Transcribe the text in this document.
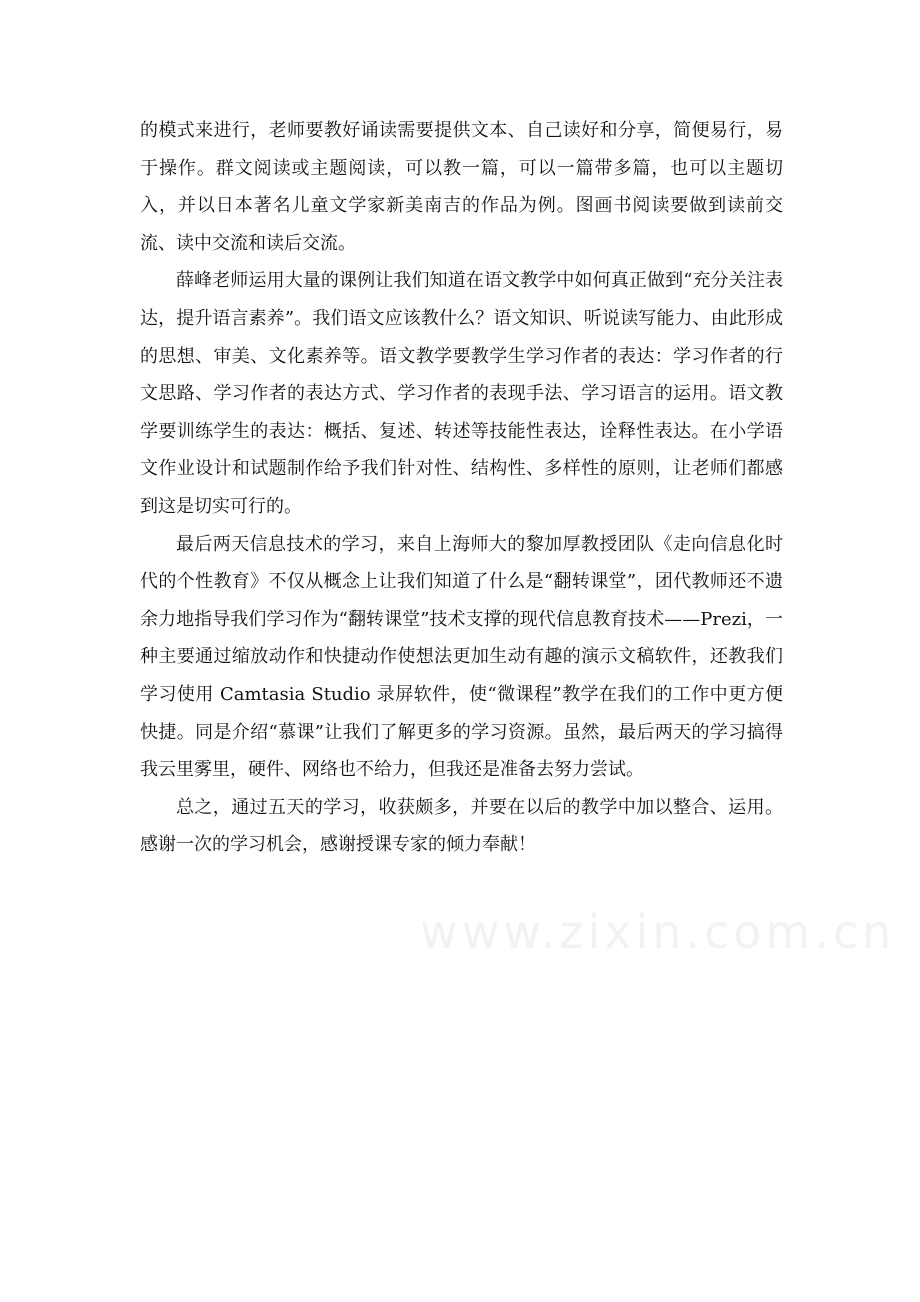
的模式来进行，老师要教好诵读需要提供文本、自己读好和分享，简便易行，易于操作。群文阅读或主题阅读，可以教一篇，可以一篇带多篇，也可以主题切入，并以日本著名儿童文学家新美南吉的作品为例。图画书阅读要做到读前交流、读中交流和读后交流。

薛峰老师运用大量的课例让我们知道在语文教学中如何真正做到“充分关注表达，提升语言素养”。我们语文应该教什么？语文知识、听说读写能力、由此形成的思想、审美、文化素养等。语文教学要教学生学习作者的表达：学习作者的行文思路、学习作者的表达方式、学习作者的表现手法、学习语言的运用。语文教学要训练学生的表达：概括、复述、转述等技能性表达，诠释性表达。在小学语文作业设计和试题制作给予我们针对性、结构性、多样性的原则，让老师们都感到这是切实可行的。

最后两天信息技术的学习，来自上海师大的黎加厚教授团队《走向信息化时代的个性教育》不仅从概念上让我们知道了什么是“翻转课堂”，团代教师还不遗余力地指导我们学习作为“翻转课堂”技术支撑的现代信息教育技术——Prezi，一种主要通过缩放动作和快捷动作使想法更加生动有趣的演示文稿软件，还教我们学习使用 Camtasia Studio 录屏软件，使“微课程”教学在我们的工作中更方便快捷。同是介绍“慕课”让我们了解更多的学习资源。虽然，最后两天的学习搞得我云里雾里，硬件、网络也不给力，但我还是准备去努力尝试。

总之，通过五天的学习，收获颇多，并要在以后的教学中加以整合、运用。感谢一次的学习机会，感谢授课专家的倾力奉献！

www.zixin.com.cn
